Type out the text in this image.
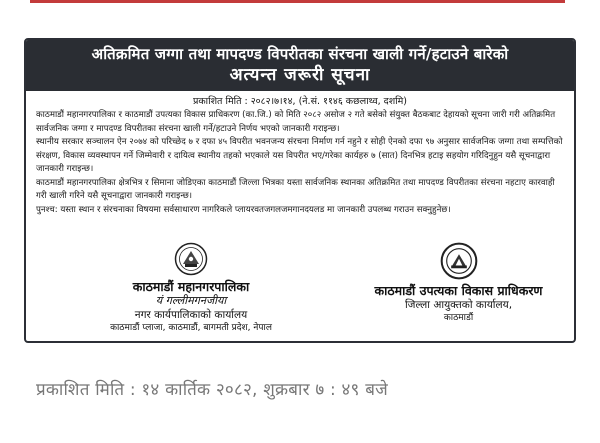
अतिक्रमित जग्गा तथा मापदण्ड विपरीतका संरचना खाली गर्ने/हटाउने बारेको
अत्यन्त जरूरी सूचना
प्रकाशित मिति : २०८२।७।१४, (ने.सं. ११४६ कछलाथ्व, दशमि)

काठमाडौं महानगरपालिका र काठमाडौं उपत्यका विकास प्राधिकरण (का.जि.) को मिति २०८२ असोज २ गते बसेको संयुक्त बैठकबाट देहायको सूचना जारी गरी अतिक्रमित सार्वजनिक जग्गा र मापदण्ड विपरीतका संरचना खाली गर्ने/हटाउने निर्णय भएको जानकारी गराइन्छ।

स्थानीय सरकार सञ्चालन ऐन २०७४ को परिच्छेद ७ र दफा ४५ विपरीत भवनजन्य संरचना निर्माण गर्न नहुने र सोही ऐनको दफा ९७ अनुसार सार्वजनिक जग्गा तथा सम्पत्तिको संरक्षण, विकास व्यवस्थापन गर्ने जिम्मेवारी र दायित्व स्थानीय तहको भएकाले यस विपरीत भए/गरेका कार्यहरु ७ (सात) दिनभित्र हटाइ सहयोग गरिदिनुहुन यसै सूचनाद्वारा जानकारी गराइन्छ।

काठमाडौं महानगरपालिका क्षेत्रभित्र र सिमाना जोडिएका काठमाडौं जिल्ला भित्रका यस्ता सार्वजनिक स्थानका अतिक्रमित तथा मापदण्ड विपरीतका संरचना नहटाए कारवाही गरी खाली गरिने यसै सूचनाद्वारा जानकारी गराइन्छ।

पुनश्च: यस्ता स्थान र संरचनाका विषयमा सर्वसाधारण नागरिकले प्लायरवतजगलजमगानदयलड मा जानकारी उपलब्ध गराउन सक्नुहुनेछ।

काठमाडौं महानगरपालिका
यं गल्लीमगनजीया
नगर कार्यपालिकाको कार्यालय
काठमाडौं प्लाजा, काठमाडौं, बागमती प्रदेश, नेपाल
काठमाडौं उपत्यका विकास प्राधिकरण
जिल्ला आयुक्तको कार्यालय,
काठमाडौं
प्रकाशित मिति : १४ कार्तिक २०८२, शुक्रबार ७ : ४९ बजे
